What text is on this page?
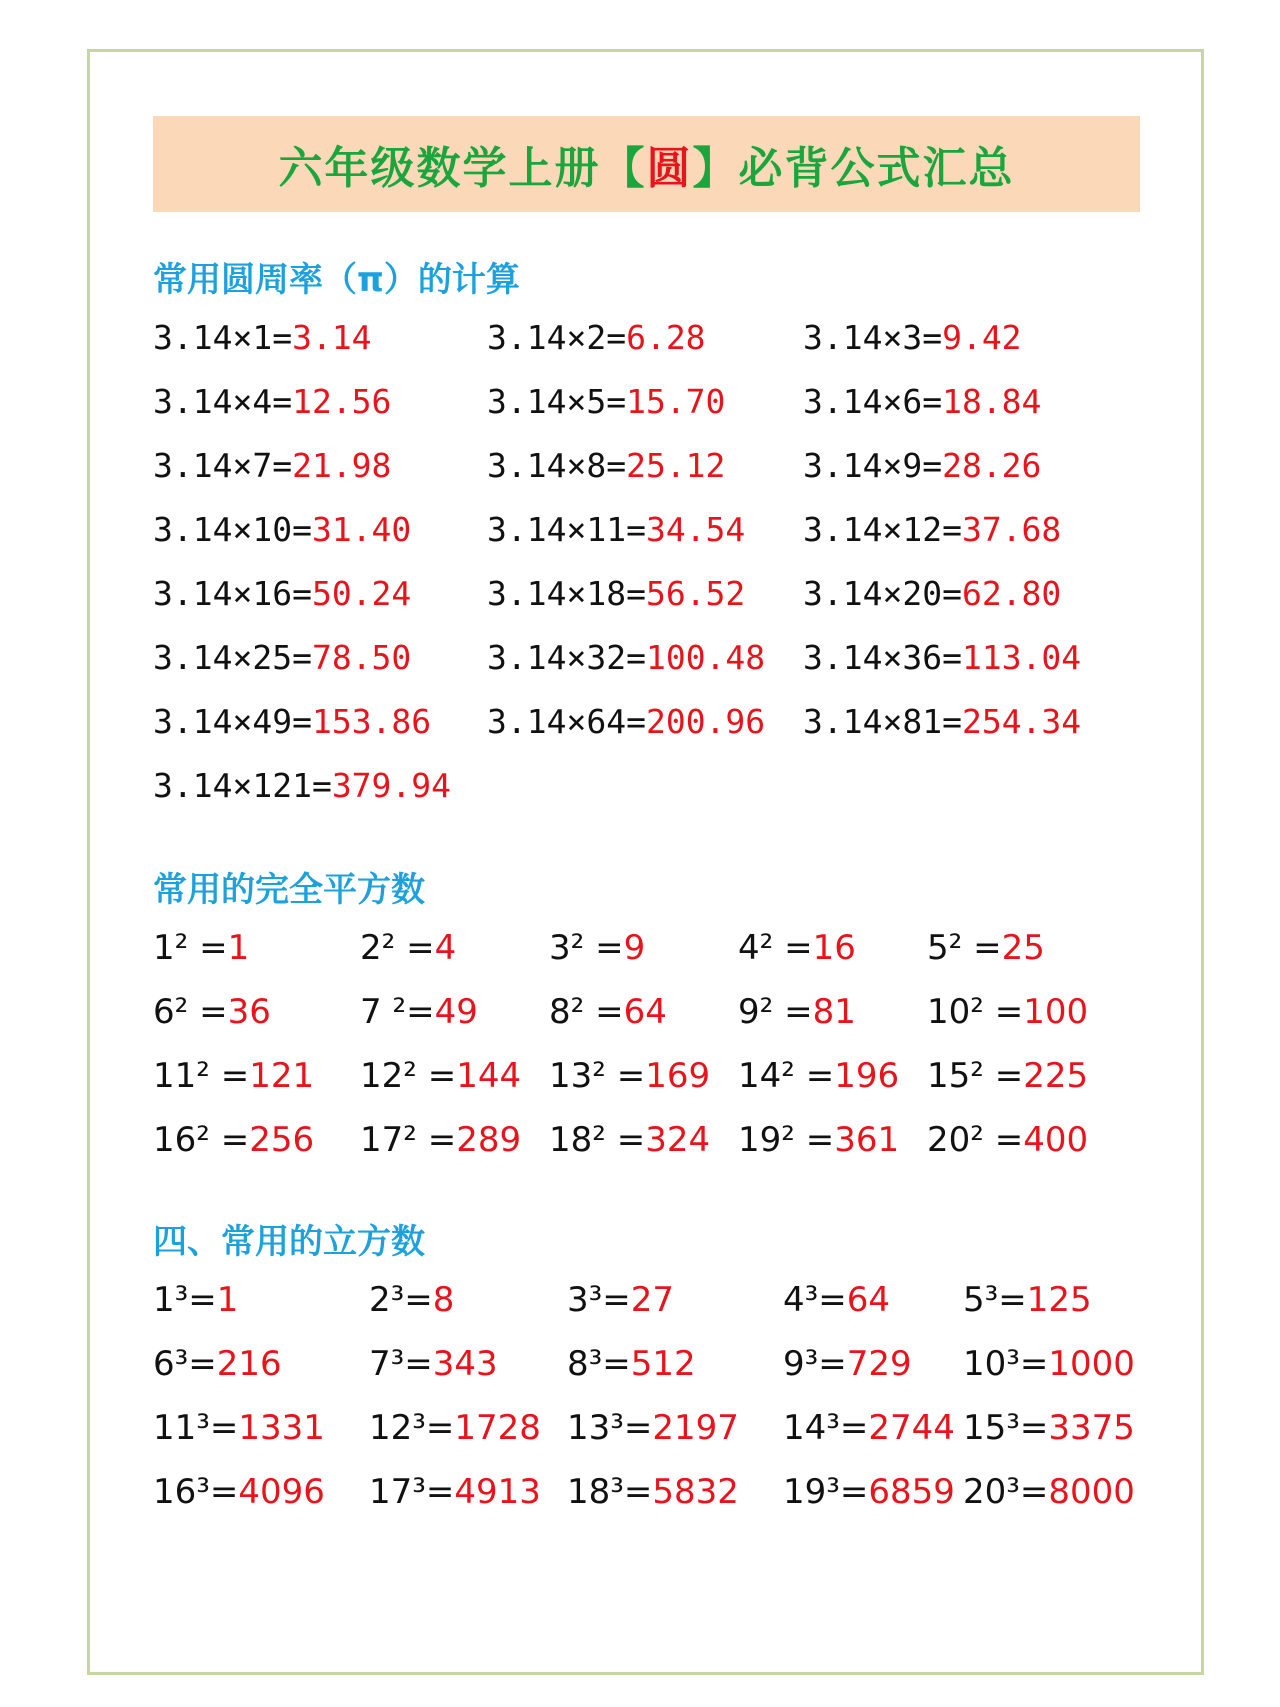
六年级数学上册【 圆 】必背公式汇总
常用圆周率（π）的计算
3.14×1=3.14	3.14×2=6.28	3.14×3=9.42
3.14×4=12.56	3.14×5=15.70 3.14×6=18.84
3.14×7=21.98	3.14×8=25.12 3.14×9=28.26
3.14×10=31.40 3.14×11=34.54 3.14×12=37.68
3.14×16=50.24 3.14×18=56.52 3.14×20=62.80
3.14×25=78.50 3.14×32=100.48 3.14×36=113.04
3.14×49=153.86 3.14×64=200.96 3.14×81=254.34
3.14×121=379.94
常用的完全平方数
1² =1	2² =4	3² =9	4² =16 5² =25
6² =36	7 ²=49 8² =64 9² =81 10² =100
11² =121 12² =144 13² =169 14² =196 15² =225
16² =256 17² =289 18² =324 19² =361 20² =400
四、常用的立方数
1³=1	2³=8	3³=27	4³=64 5³=125
6³=216	7³=343 8³=512	9³=729 10³=1000
11³=1331 12³=1728 13³=2197 14³=2744 15³=3375
16³=4096 17³=4913 18³=5832 19³=6859 20³=8000
